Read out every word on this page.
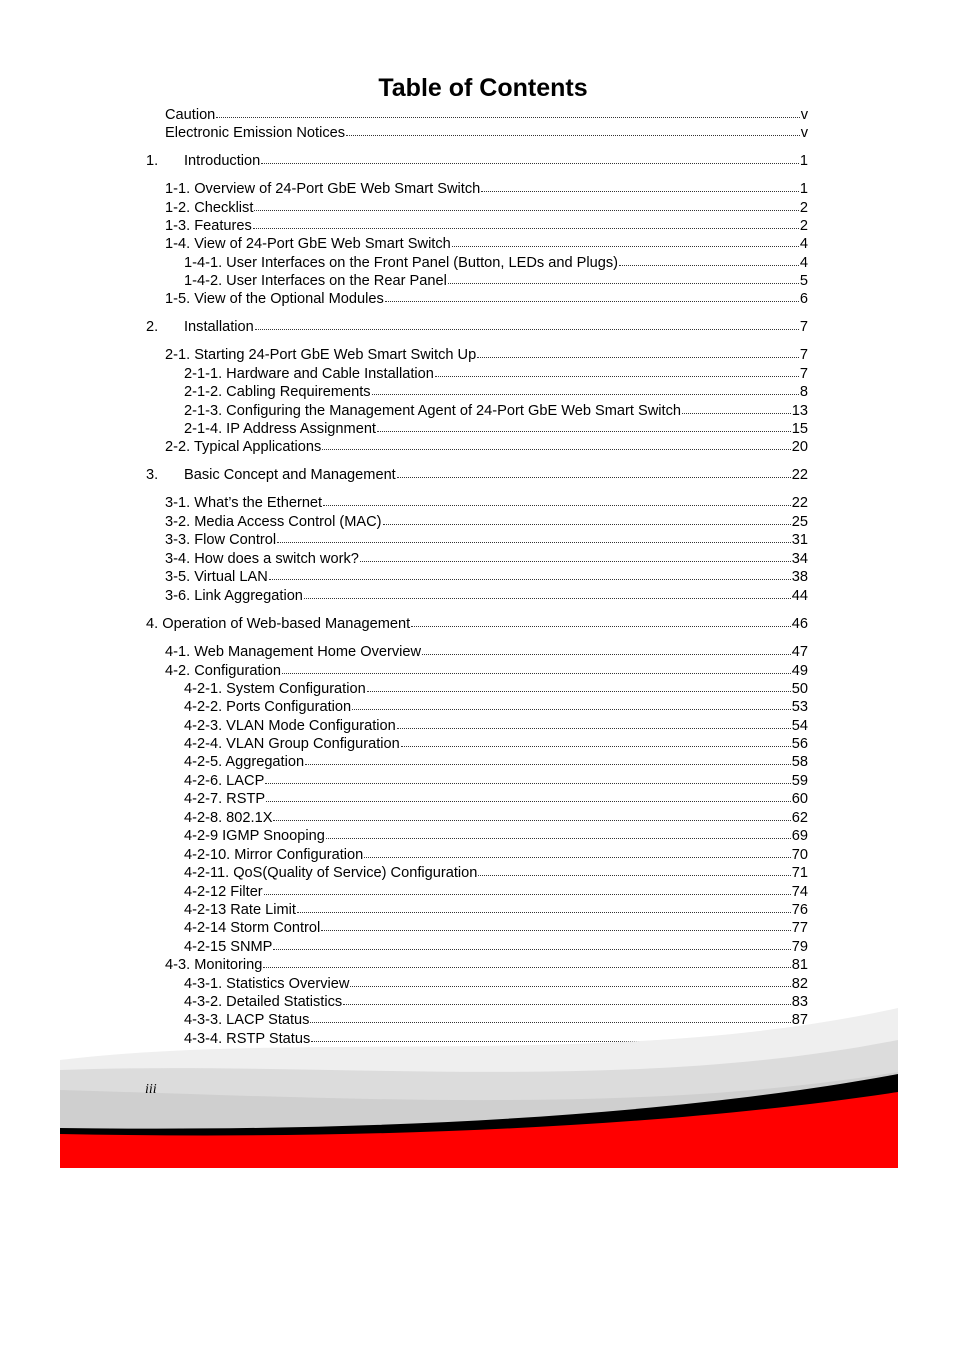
Table of Contents
Caution	v
Electronic Emission Notices	v
1. Introduction	1
1-1. Overview of 24-Port GbE Web Smart Switch	1
1-2. Checklist	2
1-3. Features	2
1-4. View of 24-Port GbE Web Smart Switch	4
1-4-1. User Interfaces on the Front Panel (Button, LEDs and Plugs)	4
1-4-2. User Interfaces on the Rear Panel	5
1-5. View of the Optional Modules	6
2. Installation	7
2-1. Starting 24-Port GbE Web Smart Switch Up	7
2-1-1. Hardware and Cable Installation	7
2-1-2. Cabling Requirements	8
2-1-3. Configuring the Management Agent of 24-Port GbE Web Smart Switch	13
2-1-4. IP Address Assignment	15
2-2. Typical Applications	20
3. Basic Concept and Management	22
3-1. What’s the Ethernet	22
3-2. Media Access Control (MAC)	25
3-3. Flow Control	31
3-4. How does a switch work?	34
3-5. Virtual LAN	38
3-6. Link Aggregation	44
4. Operation of Web-based Management	46
4-1. Web Management Home Overview	47
4-2. Configuration	49
4-2-1. System Configuration	50
4-2-2. Ports Configuration	53
4-2-3. VLAN Mode Configuration	54
4-2-4. VLAN Group Configuration	56
4-2-5. Aggregation	58
4-2-6. LACP	59
4-2-7. RSTP	60
4-2-8. 802.1X	62
4-2-9 IGMP Snooping	69
4-2-10. Mirror Configuration	70
4-2-11. QoS(Quality of Service) Configuration	71
4-2-12 Filter	74
4-2-13 Rate Limit	76
4-2-14 Storm Control	77
4-2-15 SNMP	79
4-3. Monitoring	81
4-3-1. Statistics Overview	82
4-3-2. Detailed Statistics	83
4-3-3. LACP Status	87
4-3-4. RSTP Status
iii
